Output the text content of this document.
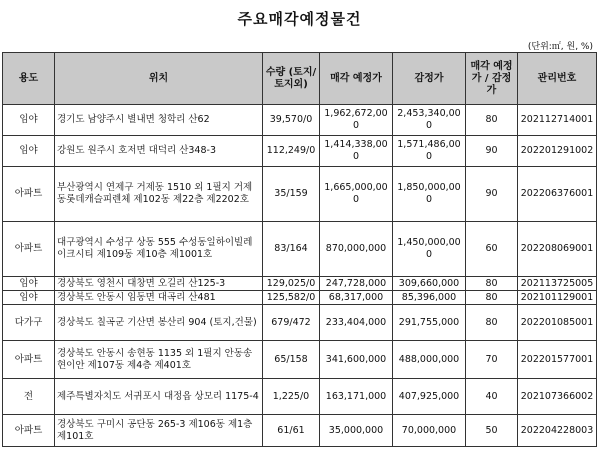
주요매각예정물건
(단위:㎡, 원, %)
용도	위치	수량 (토지/ 토지외)	매각 예정가	감정가	매각 예정가 / 감정가	관리번호
임야	경기도 남양주시 별내면 청학리 산62	39,570/0	1,962,672,000	2,453,340,000	80	202112714001
임야	강원도 원주시 호저면 대덕리 산348-3	112,249/0	1,414,338,000	1,571,486,000	90	202201291002
아파트	부산광역시 연제구 거제동 1510 외 1필지 거제동롯데캐슬피렌체 제102동 제22층 제2202호	35/159	1,665,000,000	1,850,000,000	90	202206376001
아파트	대구광역시 수성구 상동 555 수성동일하이빌레이크시티 제109동 제10층 제1001호	83/164	870,000,000	1,450,000,000	60	202208069001
임야	경상북도 영천시 대창면 오길리 산125-3	129,025/0	247,728,000	309,660,000	80	202113725005
임야	경상북도 안동시 임동면 대곡리 산481	125,582/0	68,317,000	85,396,000	80	202101129001
다가구	경상북도 칠곡군 기산면 봉산리 904 (토지,건물)	679/472	233,404,000	291,755,000	80	202201085001
아파트	경상북도 안동시 송현동 1135 외 1필지 안동송현이안 제107동 제4층 제401호	65/158	341,600,000	488,000,000	70	202201577001
전	제주특별자치도 서귀포시 대정읍 상모리 1175-4	1,225/0	163,171,000	407,925,000	40	202107366002
아파트	경상북도 구미시 공단동 265-3 제106동 제1층 제101호	61/61	35,000,000	70,000,000	50	202204228003
